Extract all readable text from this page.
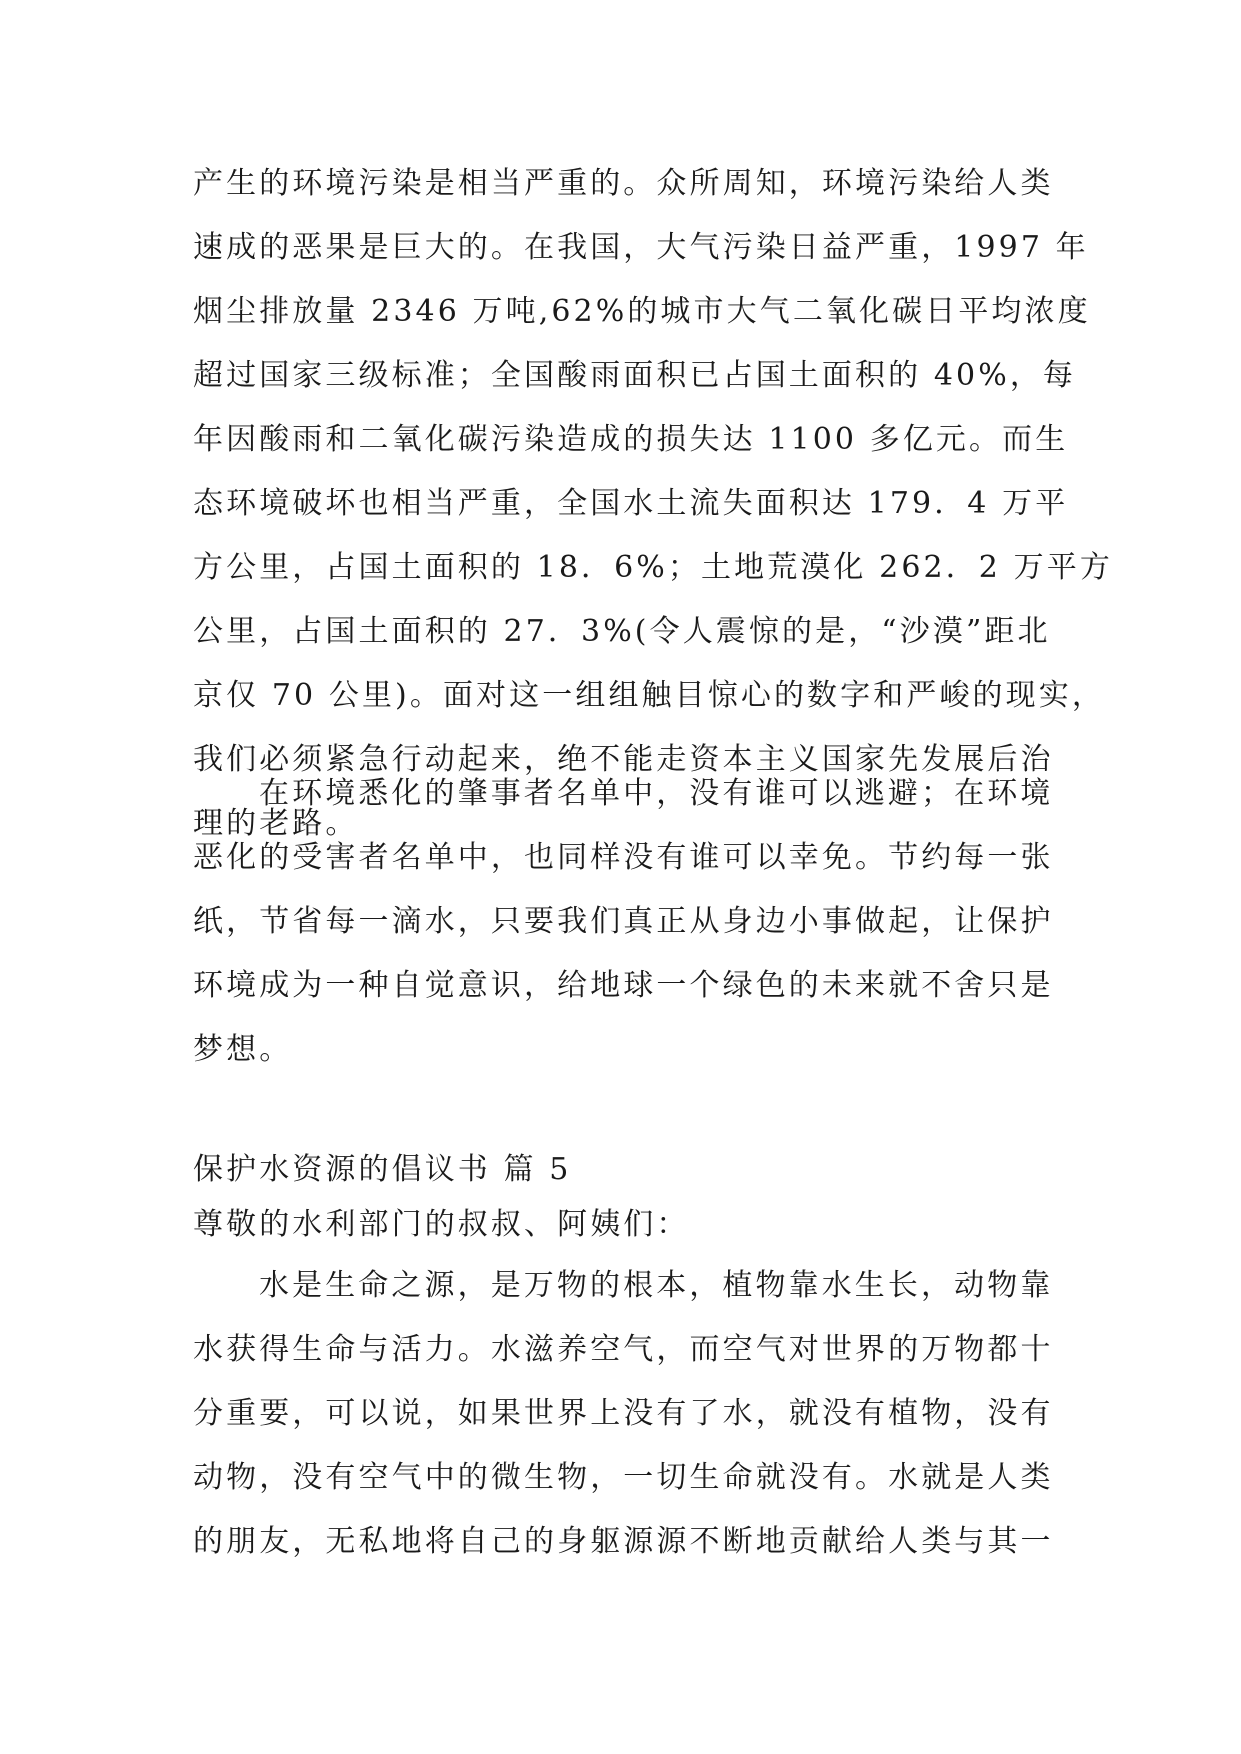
产生的环境污染是相当严重的。众所周知，环境污染给人类
速成的恶果是巨大的。在我国，大气污染日益严重，1997 年
烟尘排放量 2346 万吨,62%的城市大气二氧化碳日平均浓度
超过国家三级标准；全国酸雨面积已占国土面积的 40%，每
年因酸雨和二氧化碳污染造成的损失达 1100 多亿元。而生
态环境破坏也相当严重，全国水土流失面积达 179．4 万平
方公里，占国土面积的 18．6%；土地荒漠化 262．2 万平方
公里，占国土面积的 27．3%(令人震惊的是，“沙漠”距北
京仅 70 公里)。面对这一组组触目惊心的数字和严峻的现实，
我们必须紧急行动起来，绝不能走资本主义国家先发展后治
理的老路。
在环境悉化的肇事者名单中，没有谁可以逃避；在环境
恶化的受害者名单中，也同样没有谁可以幸免。节约每一张
纸，节省每一滴水，只要我们真正从身边小事做起，让保护
环境成为一种自觉意识，给地球一个绿色的未来就不舍只是
梦想。
保护水资源的倡议书 篇 5
尊敬的水利部门的叔叔、阿姨们：
水是生命之源，是万物的根本，植物靠水生长，动物靠
水获得生命与活力。水滋养空气，而空气对世界的万物都十
分重要，可以说，如果世界上没有了水，就没有植物，没有
动物，没有空气中的微生物，一切生命就没有。水就是人类
的朋友，无私地将自己的身躯源源不断地贡献给人类与其一
